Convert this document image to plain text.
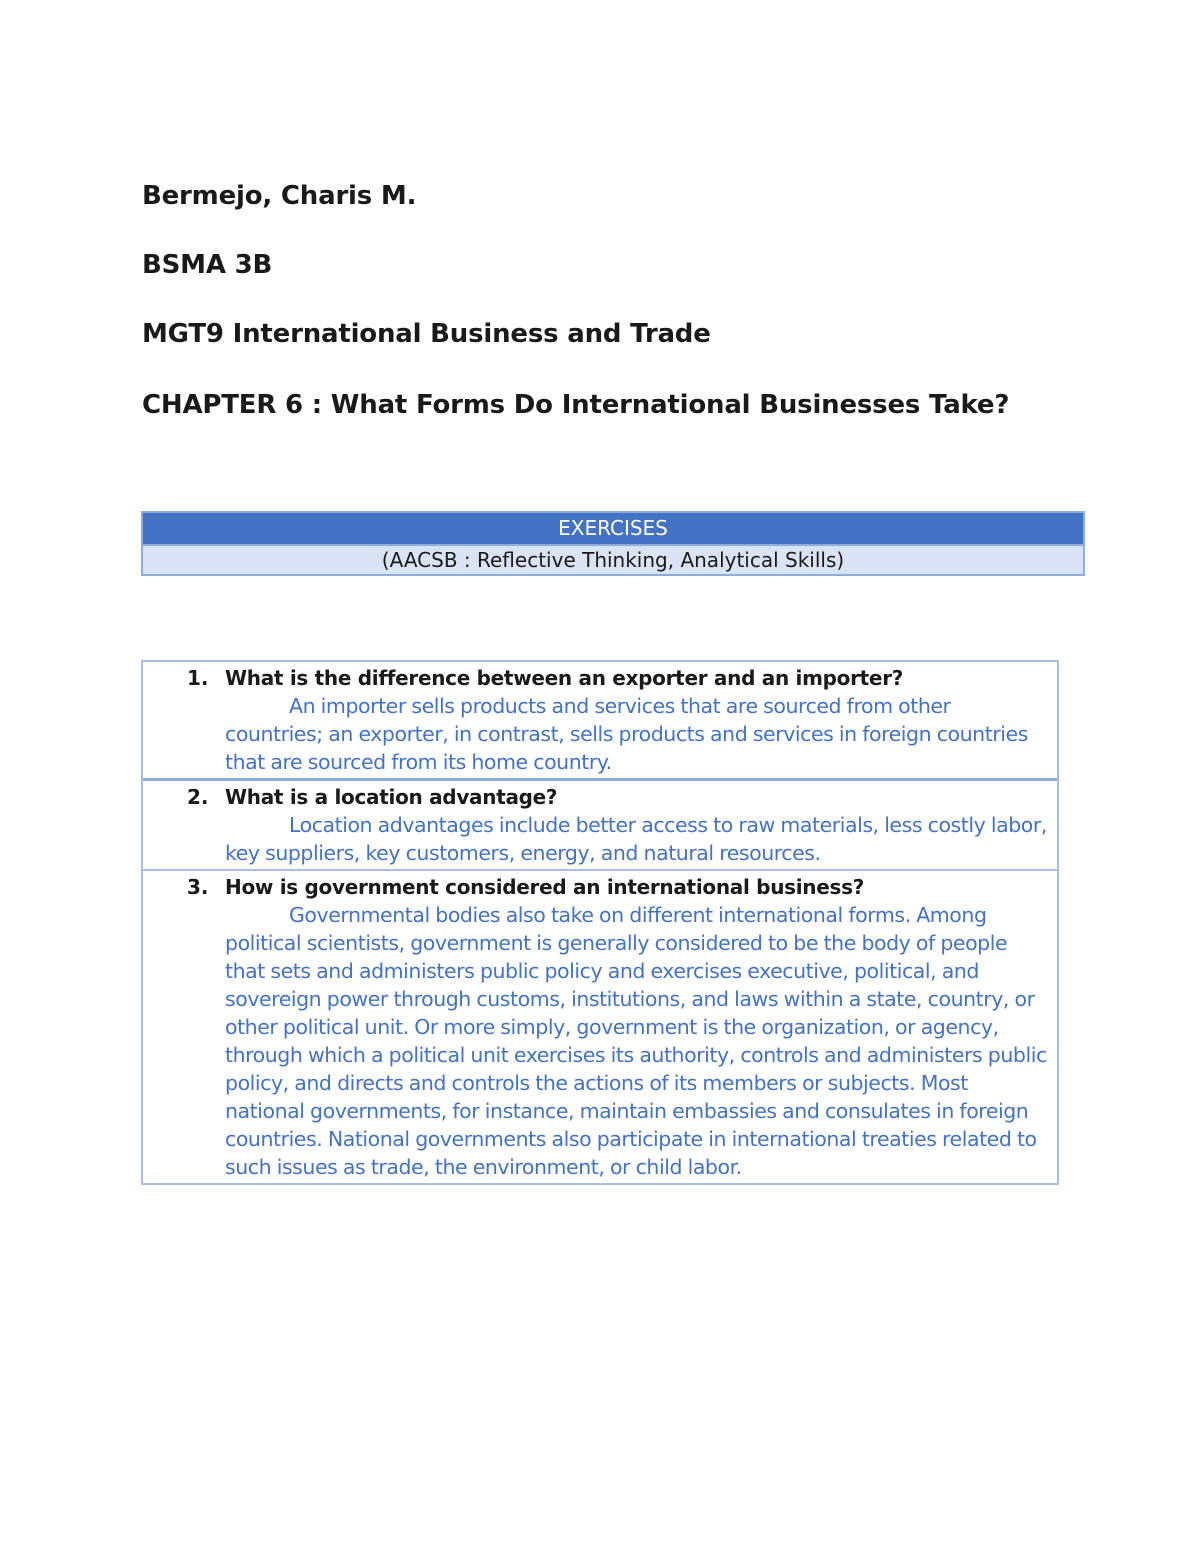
Bermejo, Charis M.

BSMA 3B

MGT9 International Business and Trade

CHAPTER 6 : What Forms Do International Businesses Take?

EXERCISES
(AACSB : Reflective Thinking, Analytical Skills)
1. What is the difference between an exporter and an importer?

An importer sells products and services that are sourced from other countries; an exporter, in contrast, sells products and services in foreign countries that are sourced from its home country.

2. What is a location advantage?

Location advantages include better access to raw materials, less costly labor, key suppliers, key customers, energy, and natural resources.

3. How is government considered an international business?

Governmental bodies also take on different international forms. Among political scientists, government is generally considered to be the body of people that sets and administers public policy and exercises executive, political, and sovereign power through customs, institutions, and laws within a state, country, or other political unit. Or more simply, government is the organization, or agency, through which a political unit exercises its authority, controls and administers public policy, and directs and controls the actions of its members or subjects. Most national governments, for instance, maintain embassies and consulates in foreign countries. National governments also participate in international treaties related to such issues as trade, the environment, or child labor.
